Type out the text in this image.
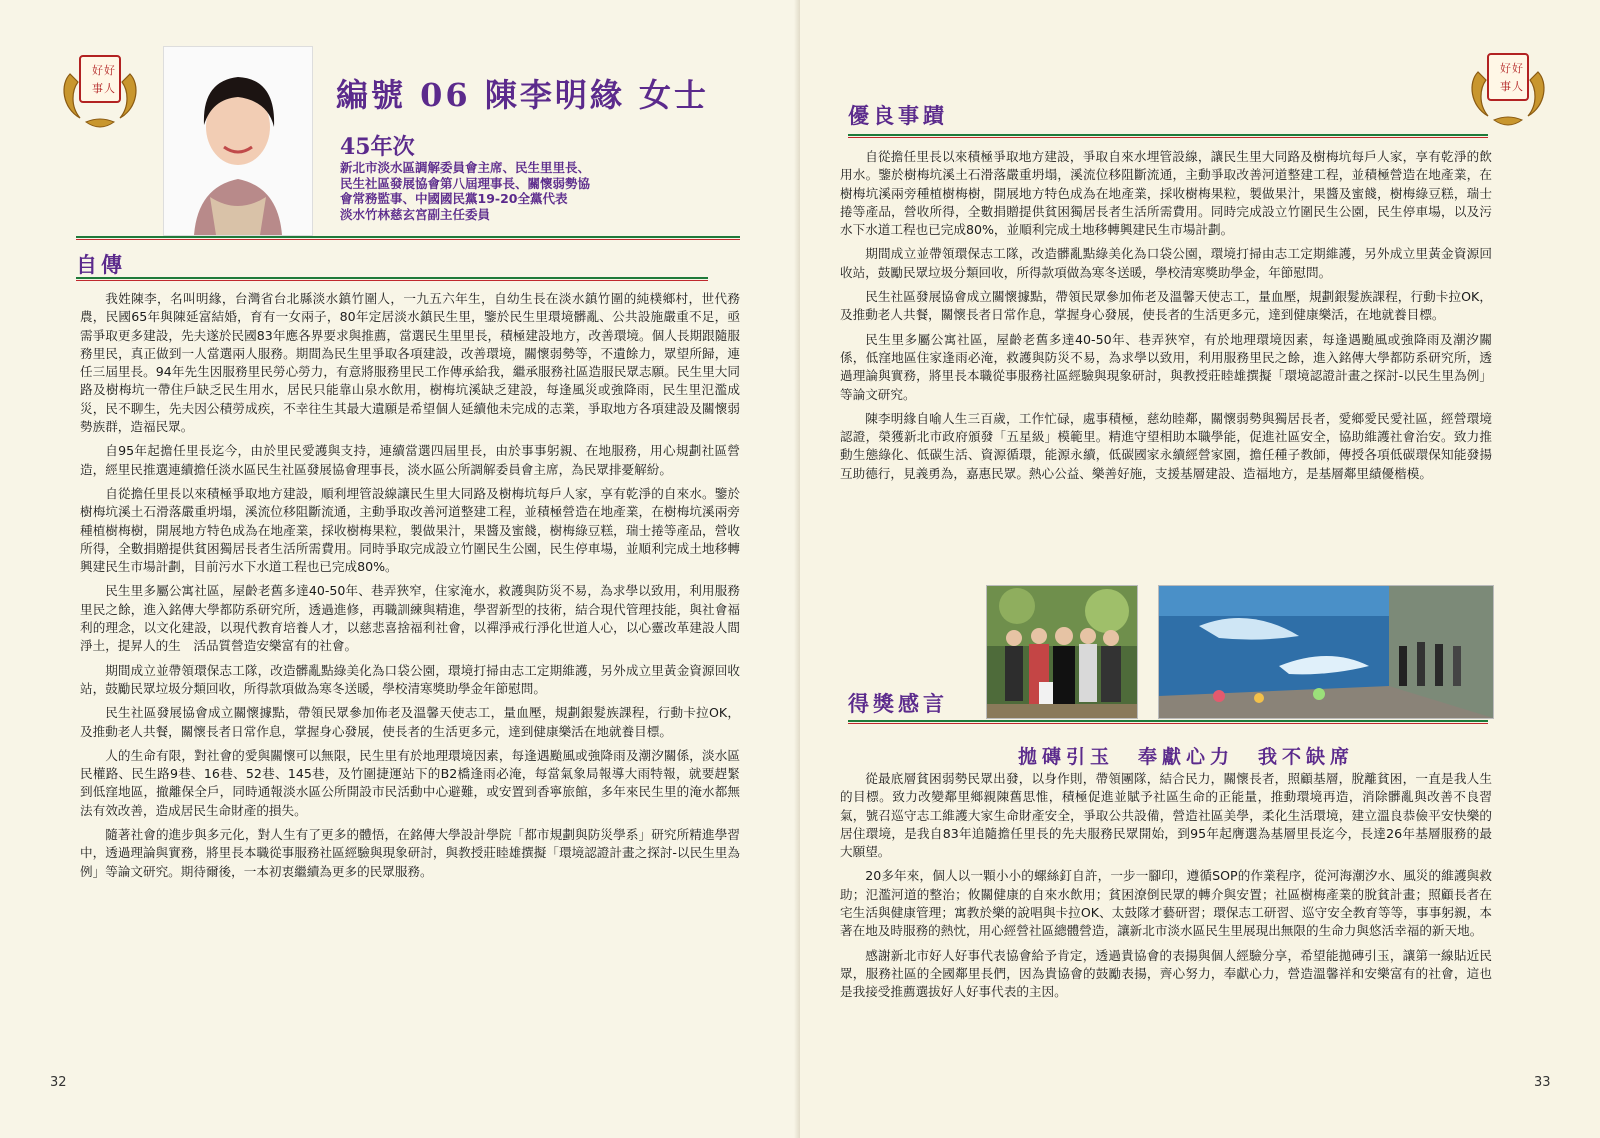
好 好
事 人	編號 06 陳李明緣 女士
45年次
新北市淡水區調解委員會主席、民生里里長、
民生社區發展協會第八屆理事長、關懷弱勢協
會常務監事、中國國民黨19-20全黨代表
淡水竹林慈玄宮副主任委員
自傳

我姓陳李，名叫明緣，台灣省台北縣淡水鎮竹圍人，一九五六年生，自幼生長在淡水鎮竹圍的純樸鄉村，世代務農，民國65年與陳延富結婚，育有一女兩子，80年定居淡水鎮民生里，鑒於民生里環境髒亂、公共設施嚴重不足，亟需爭取更多建設，先夫遂於民國83年應各界要求與推薦，當選民生里里長，積極建設地方，改善環境。個人長期跟隨服務里民，真正做到一人當選兩人服務。期間為民生里爭取各項建設，改善環境，關懷弱勢等，不遺餘力，眾望所歸，連任三屆里長。94年先生因服務里民勞心勞力，有意將服務里民工作傳承給我，繼承服務社區造服民眾志願。民生里大同路及樹梅坑一帶住戶缺乏民生用水，居民只能靠山泉水飲用，樹梅坑溪缺乏建設，每逢風災或強降雨，民生里氾濫成災，民不聊生，先夫因公積勞成疾，不幸往生其最大遺願是希望個人延續他未完成的志業，爭取地方各項建設及關懷弱勢族群，造福民眾。

自95年起擔任里長迄今，由於里民愛護與支持，連續當選四屆里長，由於事事躬親、在地服務，用心規劃社區營造，經里民推選連續擔任淡水區民生社區發展協會理事長，淡水區公所調解委員會主席，為民眾排憂解紛。

自從擔任里長以來積極爭取地方建設，順利埋管設線讓民生里大同路及樹梅坑每戶人家，享有乾淨的自來水。鑒於樹梅坑溪土石滑落嚴重坍塌，溪流位移阻斷流通，主動爭取改善河道整建工程，並積極營造在地產業，在樹梅坑溪兩旁種植樹梅樹，開展地方特色成為在地產業，採收樹梅果粒，製做果汁，果醬及蜜餞，樹梅綠豆糕，瑞士捲等產品，營收所得，全數捐贈提供貧困獨居長者生活所需費用。同時爭取完成設立竹圍民生公園，民生停車場，並順利完成土地移轉興建民生市場計劃，目前污水下水道工程也已完成80%。

民生里多屬公寓社區，屋齡老舊多達40-50年、巷弄狹窄，住家淹水，救護與防災不易，為求學以致用，利用服務里民之餘，進入銘傳大學都防系研究所，透過進修，再職訓練與精進，學習新型的技術，結合現代管理技能，與社會福利的理念，以文化建設，以現代教育培養人才，以慈悲喜捨福利社會，以禪淨戒行淨化世道人心，以心靈改革建設人間淨土，提昇人的生　活品質營造安樂富有的社會。

期間成立並帶領環保志工隊，改造髒亂點綠美化為口袋公園，環境打掃由志工定期維護，另外成立里黃金資源回收站，鼓勵民眾垃圾分類回收，所得款項做為寒冬送暖，學校清寒獎助學金年節慰問。

民生社區發展協會成立關懷據點，帶領民眾參加佈老及溫馨天使志工，量血壓，規劃銀髮族課程，行動卡拉OK，及推動老人共餐，關懷長者日常作息，掌握身心發展，使長者的生活更多元，達到健康樂活在地就養目標。

人的生命有限，對社會的愛與關懷可以無限，民生里有於地理環境因素，每逢遇颱風或強降雨及潮汐關係，淡水區民權路、民生路9巷、16巷、52巷、145巷，及竹圍捷運站下的B2橋逢雨必淹，每當氣象局報導大雨特報，就要趕緊到低窪地區，撤離保全戶，同時通報淡水區公所開設市民活動中心避難，或安置到香寧旅館，多年來民生里的淹水都無法有效改善，造成居民生命財產的損失。

隨著社會的進步與多元化，對人生有了更多的體悟，在銘傳大學設計學院「都市規劃與防災學系」研究所精進學習中，透過理論與實務，將里長本職從事服務社區經驗與現象研討，與教授莊睦雄撰擬「環境認證計畫之探討-以民生里為例」等論文研究。期待爾後，一本初衷繼續為更多的民眾服務。

32
好 好
事 人
優良事蹟

自從擔任里長以來積極爭取地方建設，爭取自來水埋管設線，讓民生里大同路及樹梅坑每戶人家，享有乾淨的飲用水。鑒於樹梅坑溪土石滑落嚴重坍塌，溪流位移阻斷流通，主動爭取改善河道整建工程，並積極營造在地產業，在樹梅坑溪兩旁種植樹梅樹，開展地方特色成為在地產業，採收樹梅果粒，製做果汁，果醬及蜜餞，樹梅綠豆糕，瑞士捲等產品，營收所得，全數捐贈提供貧困獨居長者生活所需費用。同時完成設立竹圍民生公園，民生停車場，以及污水下水道工程也已完成80%，並順利完成土地移轉興建民生市場計劃。

期間成立並帶領環保志工隊，改造髒亂點綠美化為口袋公園，環境打掃由志工定期維護，另外成立里黃金資源回收站，鼓勵民眾垃圾分類回收，所得款項做為寒冬送暖，學校清寒獎助學金，年節慰問。

民生社區發展協會成立關懷據點，帶領民眾參加佈老及溫馨天使志工，量血壓，規劃銀髮族課程，行動卡拉OK，及推動老人共餐，關懷長者日常作息，掌握身心發展，使長者的生活更多元，達到健康樂活，在地就養目標。

民生里多屬公寓社區，屋齡老舊多達40-50年、巷弄狹窄，有於地理環境因素，每逢遇颱風或強降雨及潮汐關係，低窪地區住家逢雨必淹，救護與防災不易，為求學以致用，利用服務里民之餘，進入銘傳大學都防系研究所，透過理論與實務，將里長本職從事服務社區經驗與現象研討，與教授莊睦雄撰擬「環境認證計畫之探討-以民生里為例」等論文研究。

陳李明緣自喻人生三百歲，工作忙碌，處事積極，慈幼睦鄰，關懷弱勢與獨居長者，愛鄉愛民愛社區，經營環境認證，榮獲新北市政府頒發「五星級」模範里。精進守望相助本職學能，促進社區安全，協助維護社會治安。致力推動生態綠化、低碳生活、資源循環，能源永續，低碳國家永續經營家園，擔任種子教師，傳授各項低碳環保知能發揚互助德行，見義勇為，嘉惠民眾。熱心公益、樂善好施，支援基層建設、造福地方，是基層鄰里績優楷模。

得獎感言
拋磚引玉　奉獻心力　我不缺席

從最底層貧困弱勢民眾出發，以身作則，帶領團隊，結合民力，關懷長者，照顧基層，脫離貧困，一直是我人生的目標。致力改變鄰里鄉親陳舊思惟，積極促進並賦予社區生命的正能量，推動環境再造，消除髒亂與改善不良習氣，號召巡守志工維護大家生命財產安全，爭取公共設備，營造社區美學，柔化生活環境，建立溫良恭儉平安快樂的居住環境，是我自83年追隨擔任里長的先夫服務民眾開始，到95年起膺選為基層里長迄今，長達26年基層服務的最大願望。

20多年來，個人以一顆小小的螺絲釘自許，一步一腳印，遵循SOP的作業程序，從河海潮汐水、風災的維護與救助；氾濫河道的整治；攸關健康的自來水飲用；貧困潦倒民眾的轉介與安置；社區樹梅產業的脫貧計畫；照顧長者在宅生活與健康管理；寓教於樂的說唱與卡拉OK、太鼓隊才藝研習；環保志工研習、巡守安全教育等等，事事躬親，本著在地及時服務的熱忱，用心經營社區總體營造，讓新北市淡水區民生里展現出無限的生命力與悠活幸福的新天地。

感謝新北市好人好事代表協會給予肯定，透過貴協會的表揚與個人經驗分享，希望能拋磚引玉，讓第一線貼近民眾，服務社區的全國鄰里長們，因為貴協會的鼓勵表揚，齊心努力，奉獻心力，營造溫馨祥和安樂富有的社會，這也是我接受推薦選拔好人好事代表的主因。

33
